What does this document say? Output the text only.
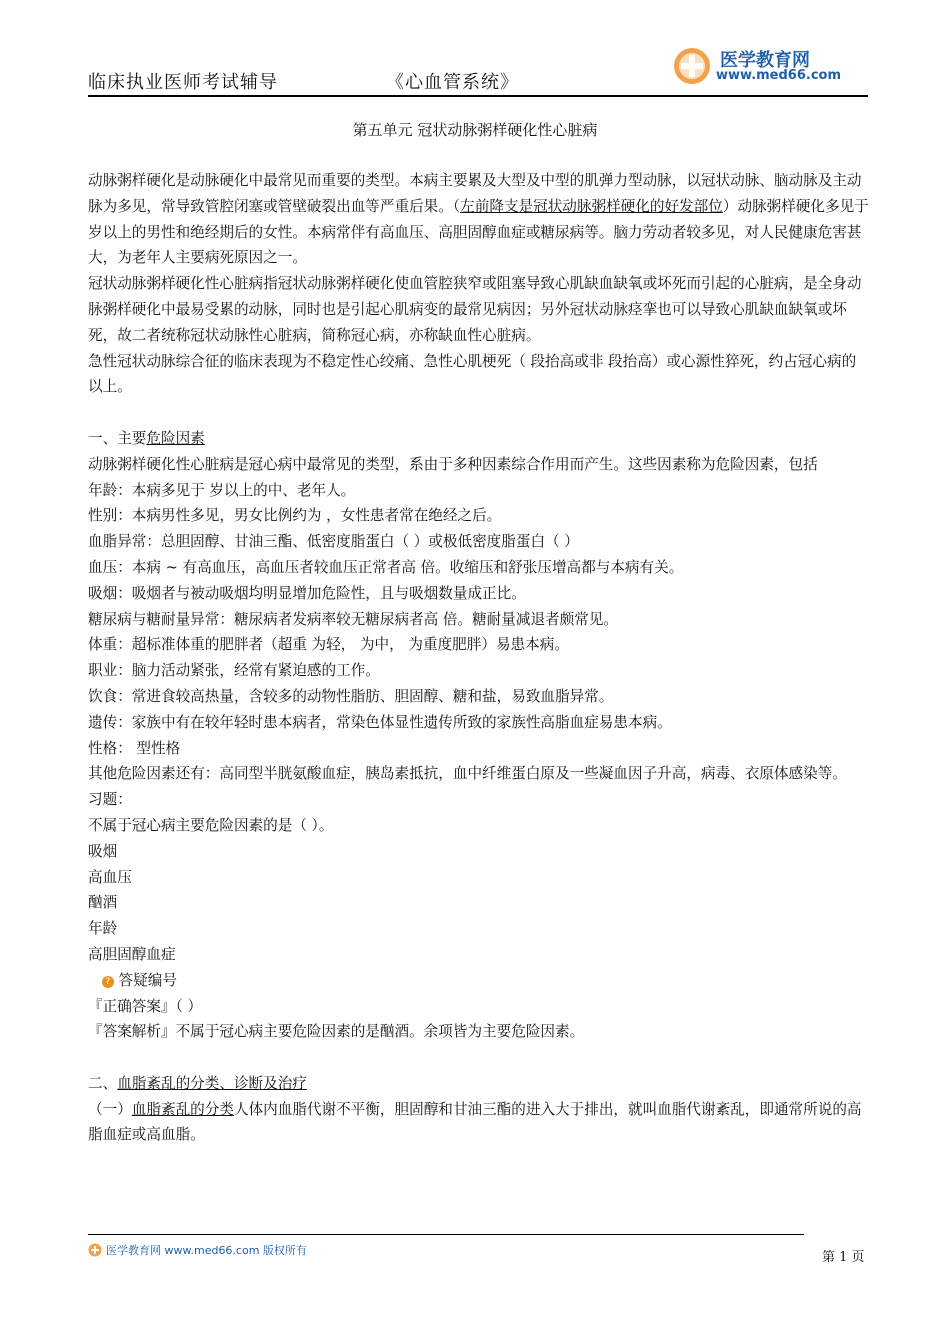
临床执业医师考试辅导	《心血管系统》
医学教育网
www.med66.com
第五单元 冠状动脉粥样硬化性心脏病

动脉粥样硬化是动脉硬化中最常见而重要的类型。本病主要累及大型及中型的肌弹力型动脉，以冠状动脉、脑动脉及主动脉为多见，常导致管腔闭塞或管壁破裂出血等严重后果。（左前降支是冠状动脉粥样硬化的好发部位）动脉粥样硬化多见于 岁以上的男性和绝经期后的女性。本病常伴有高血压、高胆固醇血症或糖尿病等。脑力劳动者较多见，对人民健康危害甚大，为老年人主要病死原因之一。

冠状动脉粥样硬化性心脏病指冠状动脉粥样硬化使血管腔狭窄或阻塞导致心肌缺血缺氧或坏死而引起的心脏病，是全身动脉粥样硬化中最易受累的动脉，同时也是引起心肌病变的最常见病因；另外冠状动脉痉挛也可以导致心肌缺血缺氧或坏死，故二者统称冠状动脉性心脏病，简称冠心病，亦称缺血性心脏病。

急性冠状动脉综合征的临床表现为不稳定性心绞痛、急性心肌梗死（ 段抬高或非 段抬高）或心源性猝死，约占冠心病的 以上。

一、主要危险因素

动脉粥样硬化性心脏病是冠心病中最常见的类型，系由于多种因素综合作用而产生。这些因素称为危险因素，包括

年龄：本病多见于 岁以上的中、老年人。

性别：本病男性多见，男女比例约为 ，女性患者常在绝经之后。

血脂异常：总胆固醇、甘油三酯、低密度脂蛋白（ ）或极低密度脂蛋白（ ）

血压：本病 ~ 有高血压，高血压者较血压正常者高 倍。收缩压和舒张压增高都与本病有关。

吸烟：吸烟者与被动吸烟均明显增加危险性，且与吸烟数量成正比。

糖尿病与糖耐量异常：糖尿病者发病率较无糖尿病者高 倍。糖耐量减退者颇常见。

体重：超标准体重的肥胖者（超重 为轻， 为中， 为重度肥胖）易患本病。

职业：脑力活动紧张，经常有紧迫感的工作。

饮食：常进食较高热量，含较多的动物性脂肪、胆固醇、糖和盐，易致血脂异常。

遗传：家族中有在较年轻时患本病者，常染色体显性遗传所致的家族性高脂血症易患本病。

性格： 型性格

其他危险因素还有：高同型半胱氨酸血症，胰岛素抵抗，血中纤维蛋白原及一些凝血因子升高，病毒、衣原体感染等。

习题：

不属于冠心病主要危险因素的是（ ）。

吸烟

高血压

酗酒

年龄

高胆固醇血症

? 答疑编号

『正确答案』（ ）

『答案解析』不属于冠心病主要危险因素的是酗酒。余项皆为主要危险因素。

二、血脂紊乱的分类、诊断及治疗

（一）血脂紊乱的分类人体内血脂代谢不平衡，胆固醇和甘油三酯的进入大于排出，就叫血脂代谢紊乱，即通常所说的高脂血症或高血脂。

医学教育网 www.med66.com 版权所有
	第 1 页
